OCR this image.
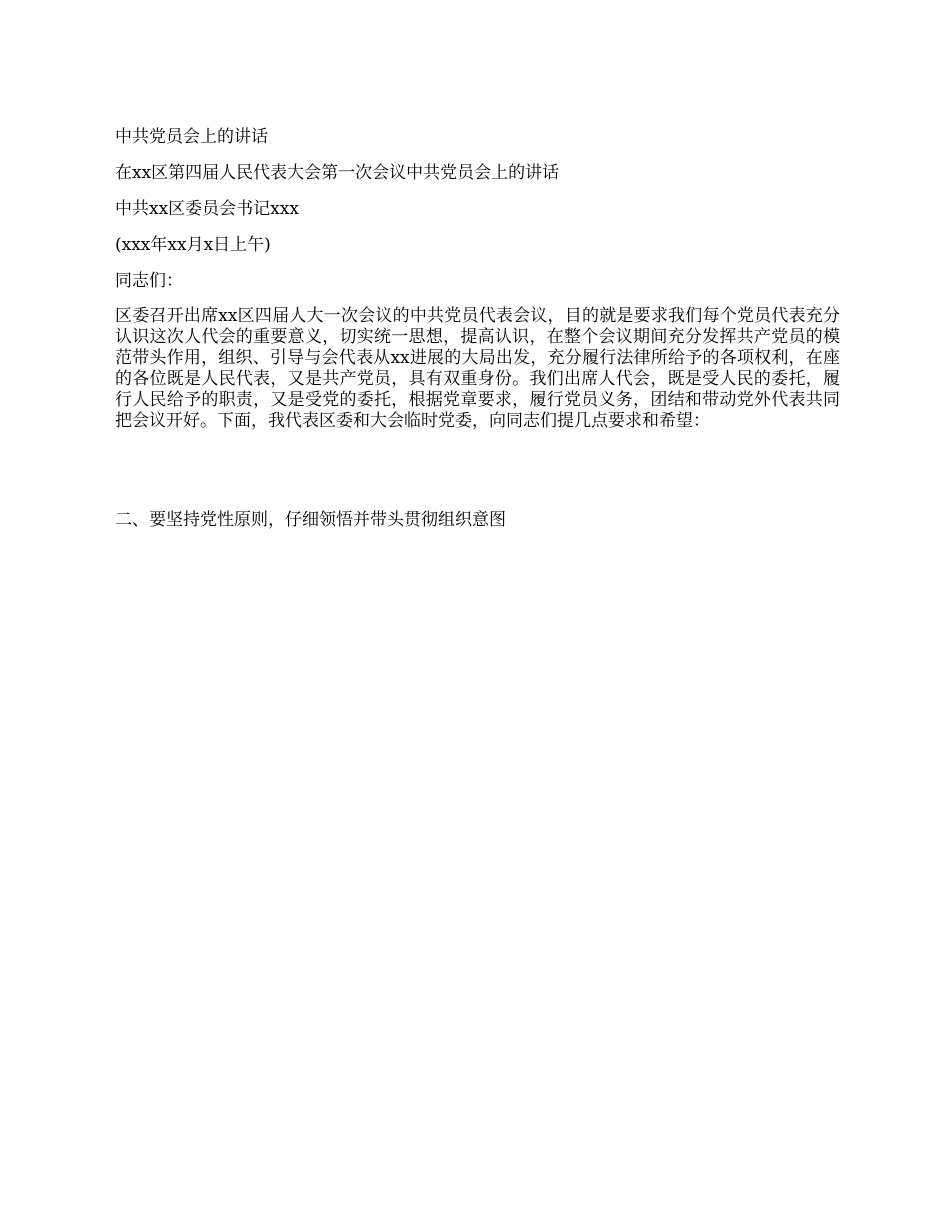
中共党员会上的讲话

在xx区第四届人民代表大会第一次会议中共党员会上的讲话

中共xx区委员会书记xxx

(xxx年xx月x日上午)

同志们：

区委召开出席xx区四届人大一次会议的中共党员代表会议，目的就是要求我们每个党员代表充分认识这次人代会的重要意义，切实统一思想，提高认识，在整个会议期间充分发挥共产党员的模范带头作用，组织、引导与会代表从xx进展的大局出发，充分履行法律所给予的各项权利，在座的各位既是人民代表，又是共产党员，具有双重身份。我们出席人代会，既是受人民的委托，履行人民给予的职责，又是受党的委托，根据党章要求，履行党员义务，团结和带动党外代表共同把会议开好。下面，我代表区委和大会临时党委，向同志们提几点要求和希望：

二、要坚持党性原则，仔细领悟并带头贯彻组织意图
